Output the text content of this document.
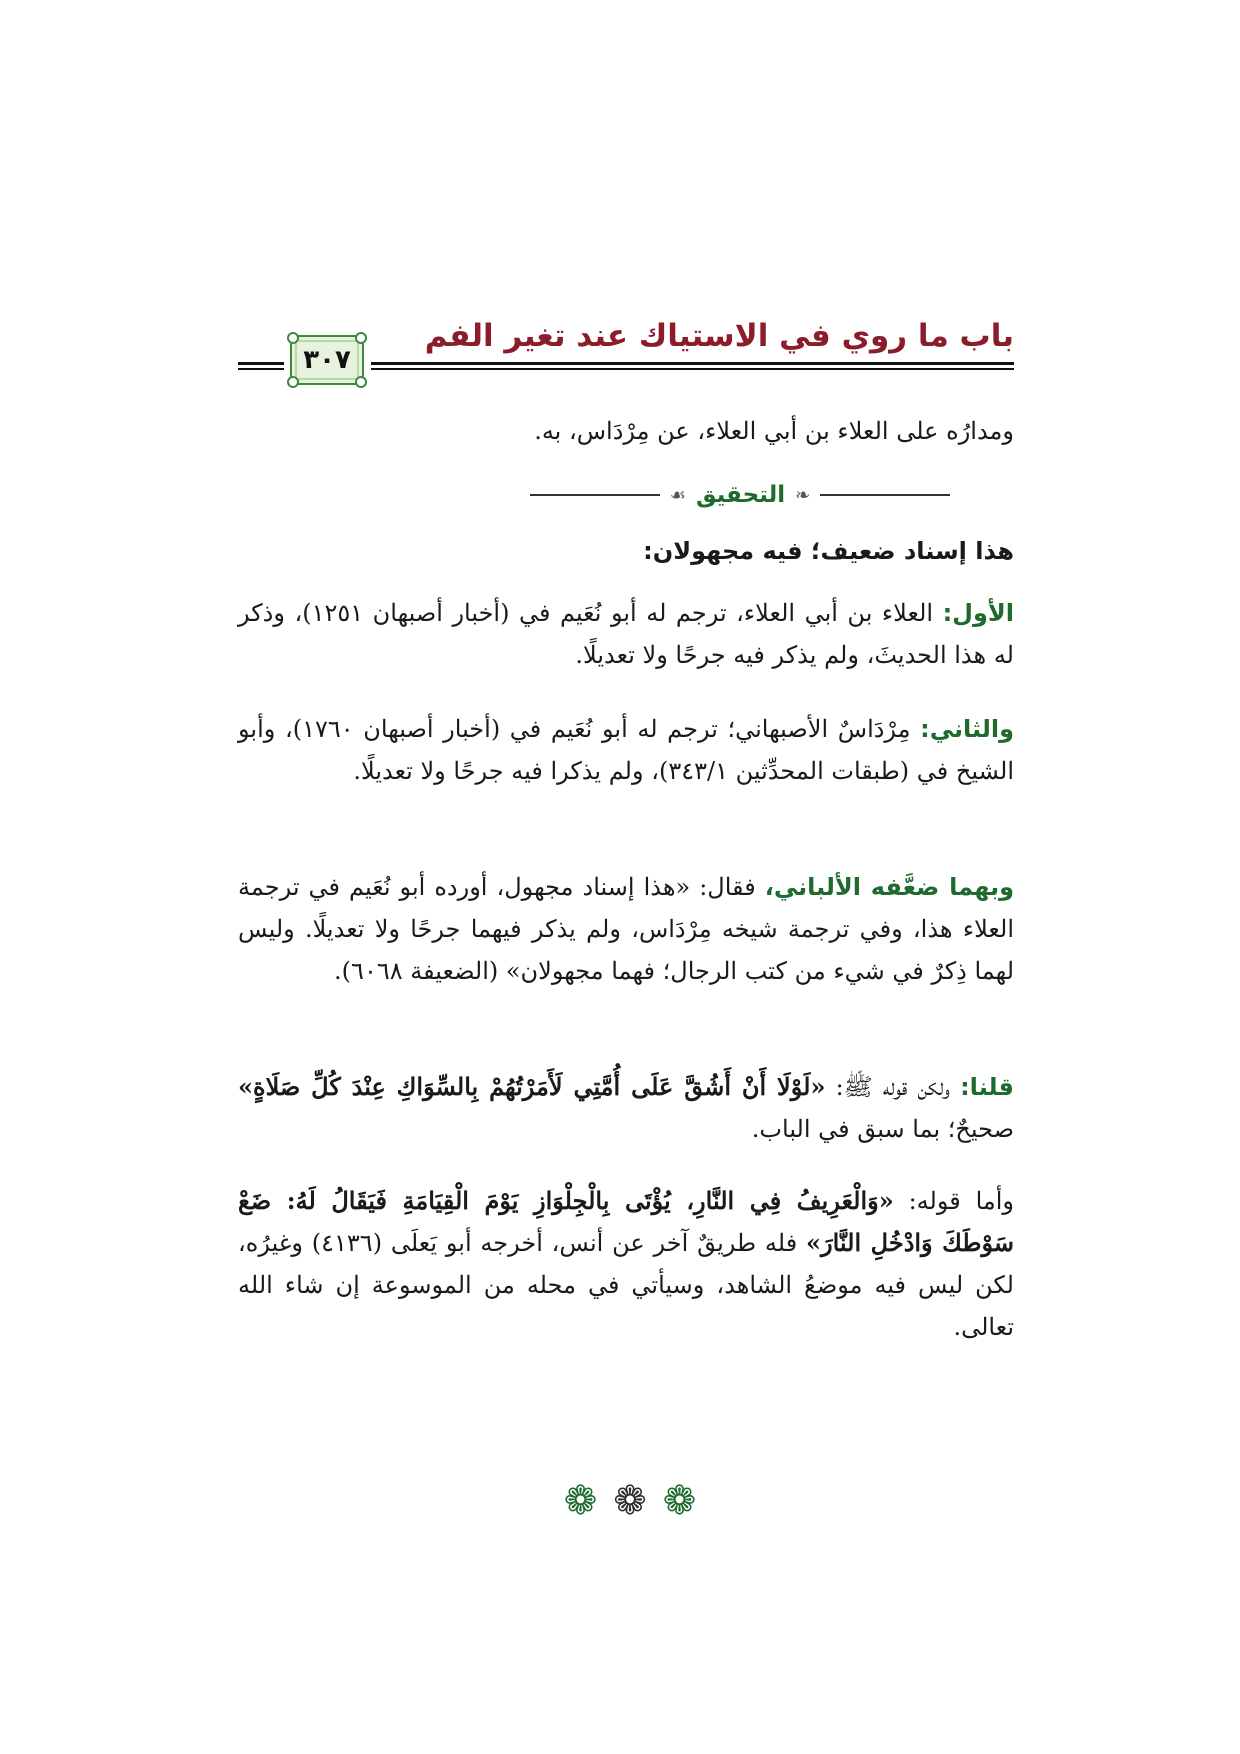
باب ما روي في الاستياك عند تغير الفم
٣٠٧

ومدارُه على العلاء بن أبي العلاء، عن مِرْدَاس، به.

❧
التحقيق
☙

هذا إسناد ضعيف؛ فيه مجهولان:

الأول: العلاء بن أبي العلاء، ترجم له أبو نُعَيم في (أخبار أصبهان ١٢٥١)، وذكر له هذا الحديثَ، ولم يذكر فيه جرحًا ولا تعديلًا.

والثاني: مِرْدَاسٌ الأصبهاني؛ ترجم له أبو نُعَيم في (أخبار أصبهان ١٧٦٠)، وأبو الشيخ في (طبقات المحدِّثين ٣٤٣/١)، ولم يذكرا فيه جرحًا ولا تعديلًا.

وبهما ضعَّفه الألباني، فقال: «هذا إسناد مجهول، أورده أبو نُعَيم في ترجمة العلاء هذا، وفي ترجمة شيخه مِرْدَاس، ولم يذكر فيهما جرحًا ولا تعديلًا. وليس لهما ذِكرٌ في شيء من كتب الرجال؛ فهما مجهولان» (الضعيفة ٦٠٦٨).

قلنا: ولكن قوله ﷺ: «لَوْلَا أَنْ أَشُقَّ عَلَى أُمَّتِي لَأَمَرْتُهُمْ بِالسِّوَاكِ عِنْدَ كُلِّ صَلَاةٍ» صحيحٌ؛ بما سبق في الباب.

وأما قوله: «وَالْعَرِيفُ فِي النَّارِ، يُؤْتَى بِالْجِلْوَازِ يَوْمَ الْقِيَامَةِ فَيَقَالُ لَهُ: ضَعْ سَوْطَكَ وَادْخُلِ النَّارَ» فله طريقٌ آخر عن أنس، أخرجه أبو يَعلَى (٤١٣٦) وغيرُه، لكن ليس فيه موضعُ الشاهد، وسيأتي في محله من الموسوعة إن شاء الله تعالى.

❁ ❁ ❁
